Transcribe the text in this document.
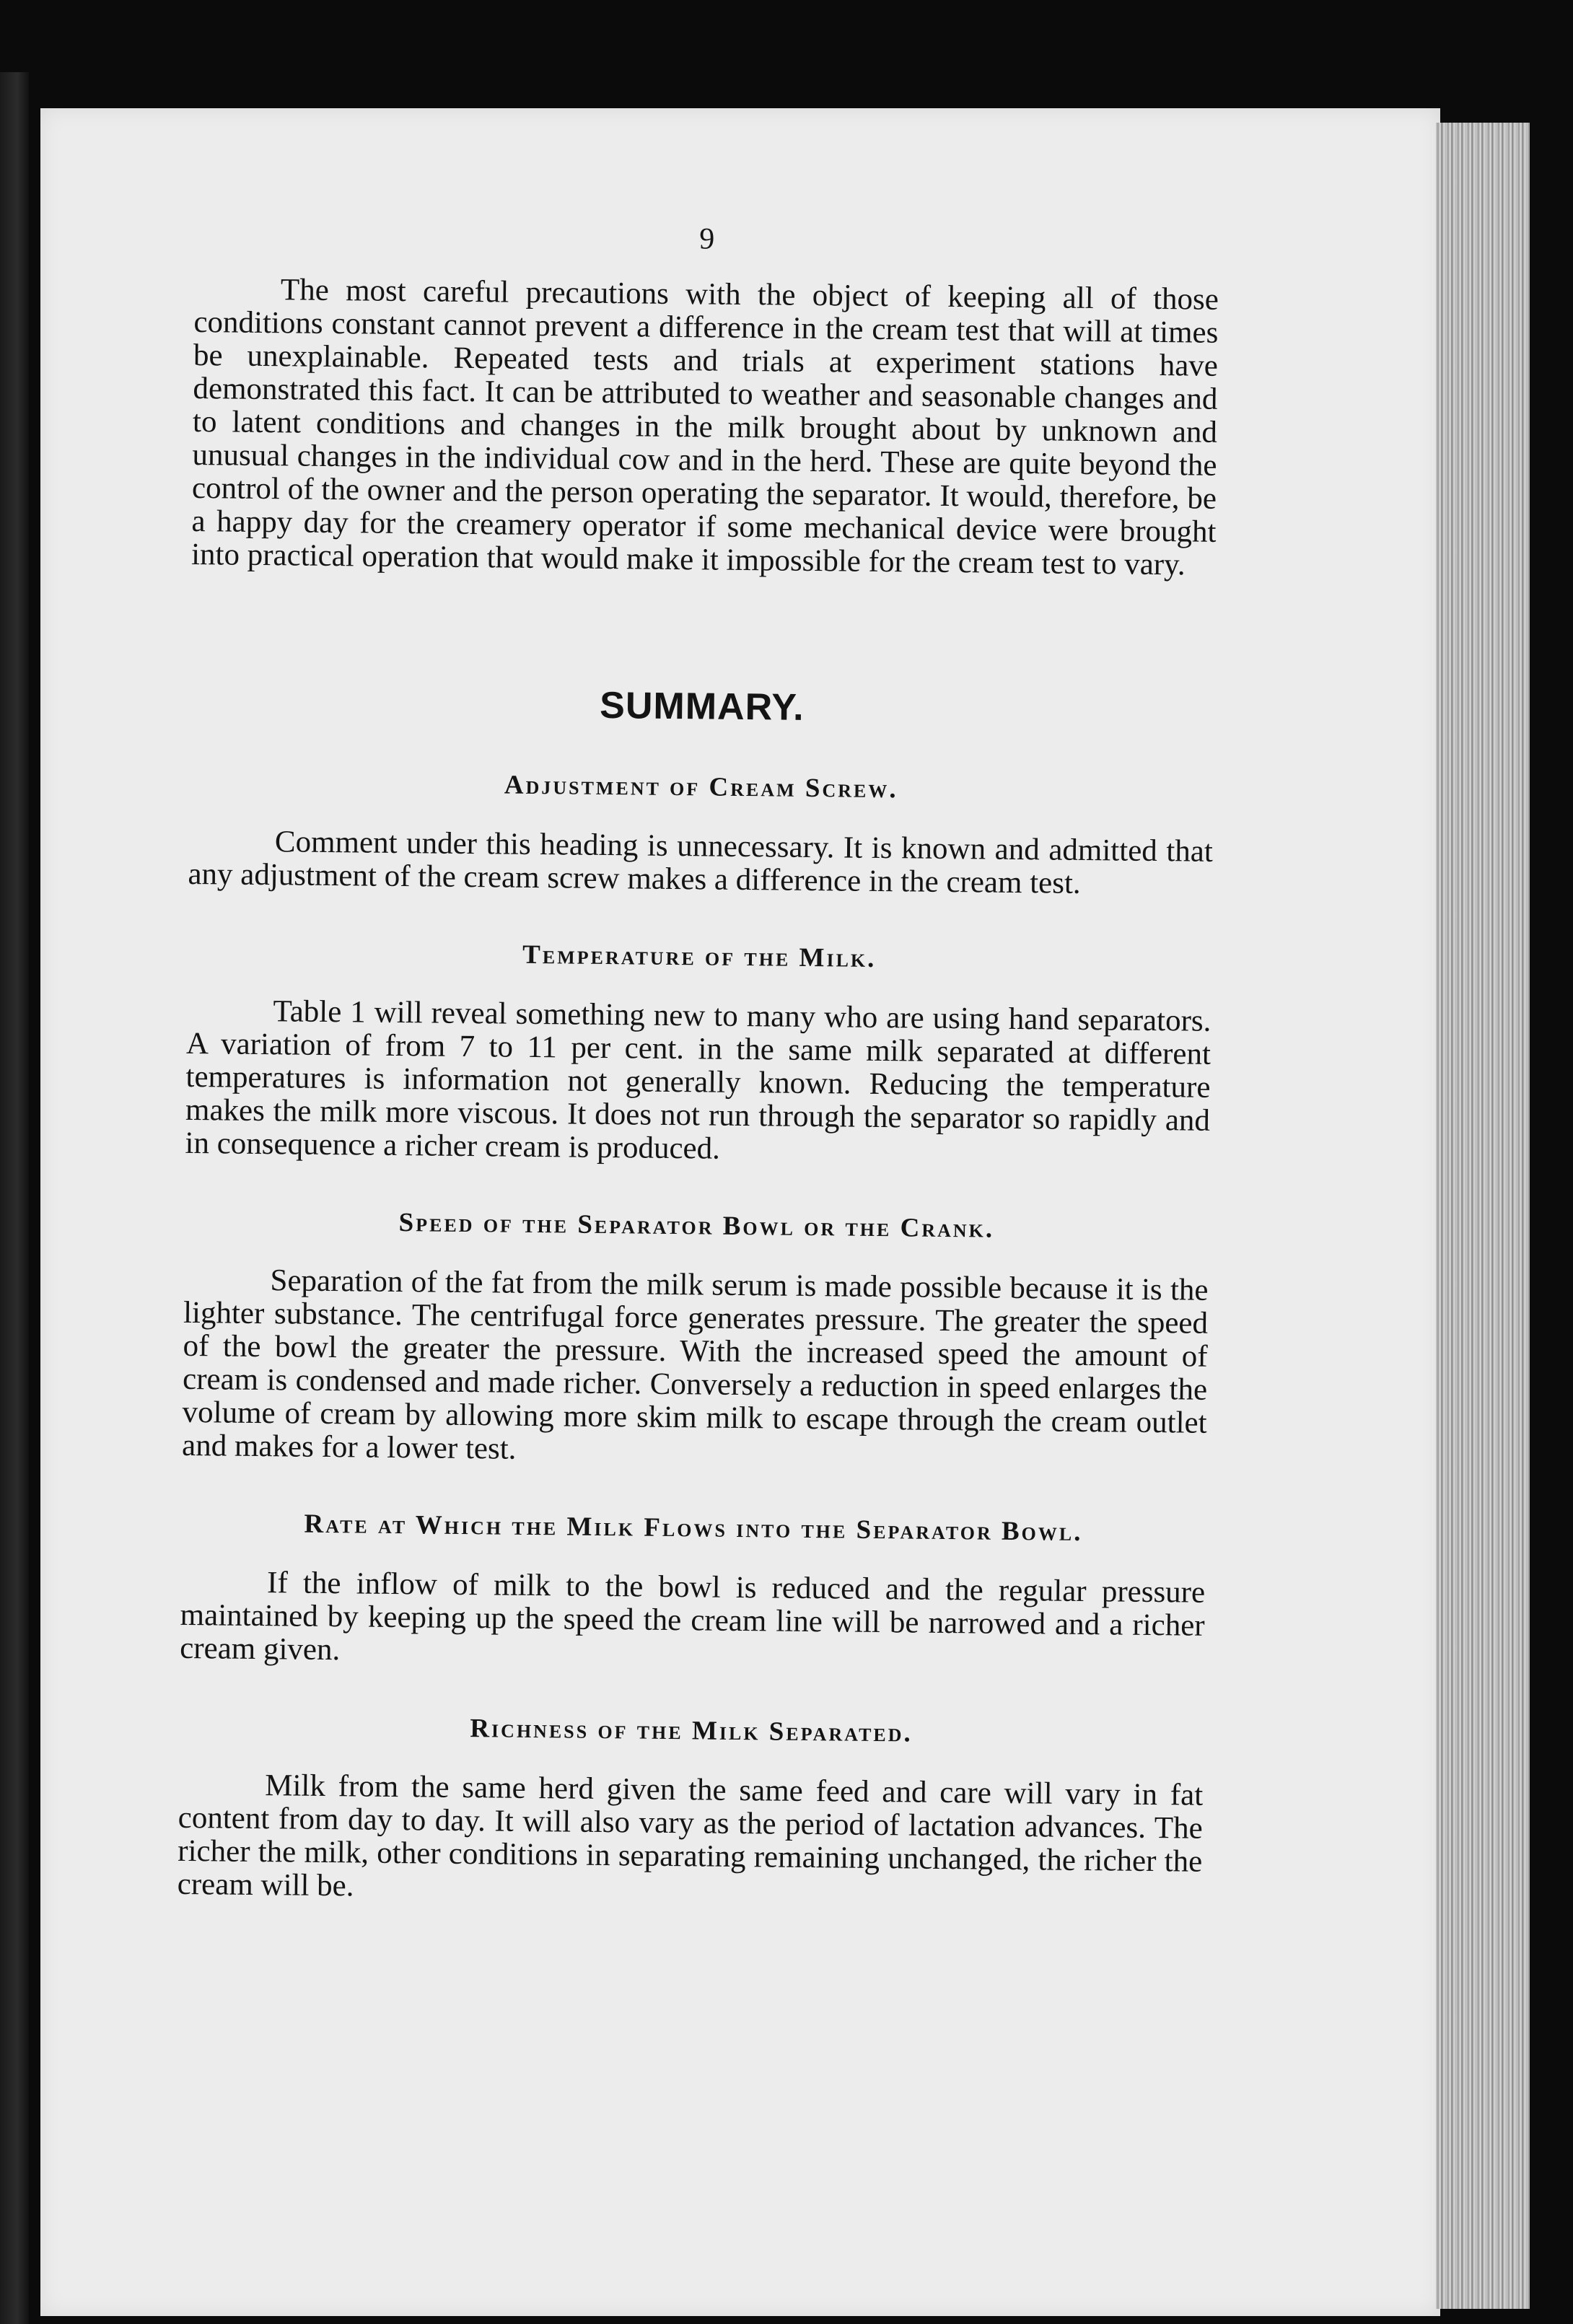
9

The most careful precautions with the object of keeping all of those conditions constant cannot prevent a difference in the cream test that will at times be unexplainable. Repeated tests and trials at experiment stations have demonstrated this fact. It can be attributed to weather and seasonable changes and to latent conditions and changes in the milk brought about by unknown and unusual changes in the individual cow and in the herd. These are quite beyond the control of the owner and the person operating the separator. It would, therefore, be a happy day for the creamery operator if some mechanical device were brought into practical operation that would make it impossible for the cream test to vary.

SUMMARY.
Adjustment of Cream Screw.

Comment under this heading is unnecessary. It is known and admitted that any adjustment of the cream screw makes a difference in the cream test.

Temperature of the Milk.

Table 1 will reveal something new to many who are using hand separators. A variation of from 7 to 11 per cent. in the same milk separated at different temperatures is information not generally known. Reducing the temperature makes the milk more viscous. It does not run through the separator so rapidly and in consequence a richer cream is produced.

Speed of the Separator Bowl or the Crank.

Separation of the fat from the milk serum is made possible because it is the lighter substance. The centrifugal force generates pressure. The greater the speed of the bowl the greater the pressure. With the increased speed the amount of cream is condensed and made richer. Conversely a reduction in speed enlarges the volume of cream by allowing more skim milk to escape through the cream outlet and makes for a lower test.

Rate at Which the Milk Flows into the Separator Bowl.

If the inflow of milk to the bowl is reduced and the regular pressure maintained by keeping up the speed the cream line will be narrowed and a richer cream given.

Richness of the Milk Separated.

Milk from the same herd given the same feed and care will vary in fat content from day to day. It will also vary as the period of lactation advances. The richer the milk, other conditions in separating remaining unchanged, the richer the cream will be.
